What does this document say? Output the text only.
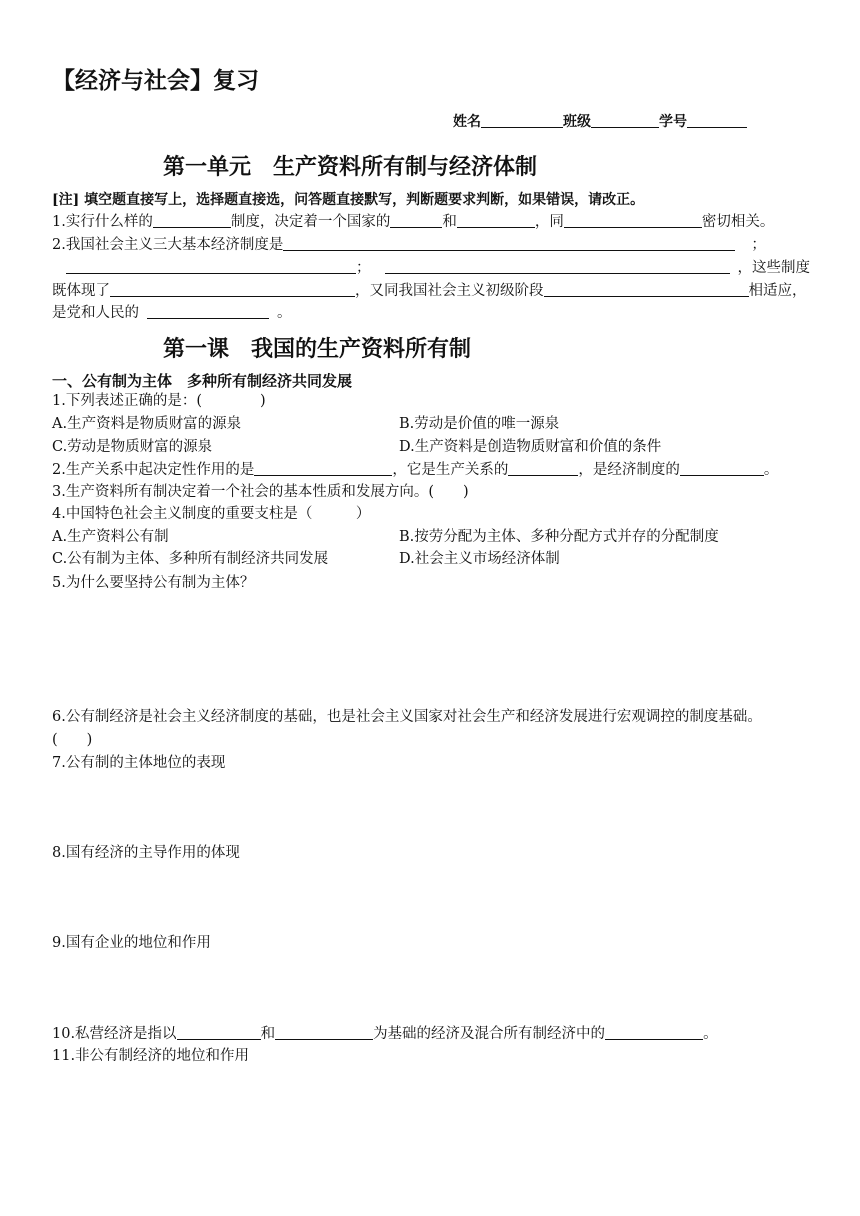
【经济与社会】复习
姓名	班级	学号
第一单元　生产资料所有制与经济体制
[注] 填空题直接写上，选择题直接选，问答题直接默写，判断题要求判断，如果错误，请改正。
1.实行什么样的	制度，决定着一个国家的	和	，同	密切相关。
2.我国社会主义三大基本经济制度是	；
；	，这些制度
既体现了	，又同我国社会主义初级阶段	相适应，
是党和人民的	。
第一课　我国的生产资料所有制
一、公有制为主体　多种所有制经济共同发展
1.下列表述正确的是：(　　　　)
A.生产资料是物质财富的源泉	B.劳动是价值的唯一源泉
C.劳动是物质财富的源泉	D.生产资料是创造物质财富和价值的条件
2.生产关系中起决定性作用的是	，它是生产关系的	，是经济制度的	。
3.生产资料所有制决定着一个社会的基本性质和发展方向。(　　)
4.中国特色社会主义制度的重要支柱是（　　　）
A.生产资料公有制	B.按劳分配为主体、多种分配方式并存的分配制度
C.公有制为主体、多种所有制经济共同发展	D.社会主义市场经济体制
5.为什么要坚持公有制为主体？
6.公有制经济是社会主义经济制度的基础，也是社会主义国家对社会生产和经济发展进行宏观调控的制度基础。
(　　)
7.公有制的主体地位的表现
8.国有经济的主导作用的体现
9.国有企业的地位和作用
10.私营经济是指以	和	为基础的经济及混合所有制经济中的	。
11.非公有制经济的地位和作用
